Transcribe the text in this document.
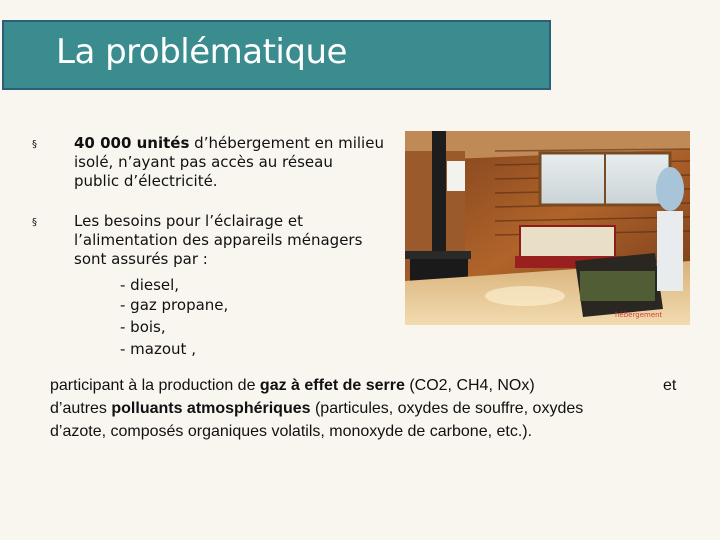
La problématique
§ 40 000 unités d’hébergement en milieu
isolé, n’ayant pas accès au réseau
public d’électricité.
§ Les besoins pour l’éclairage et
l’alimentation des appareils ménagers
sont assurés par :
- diesel,
- gaz propane,
- bois,
- mazout ,
hébergement
participant à la production de gaz à effet de serre (CO2, CH4, NOx)	et
d’autres polluants atmosphériques (particules, oxydes de souffre, oxydes
d’azote, composés organiques volatils, monoxyde de carbone, etc.).
